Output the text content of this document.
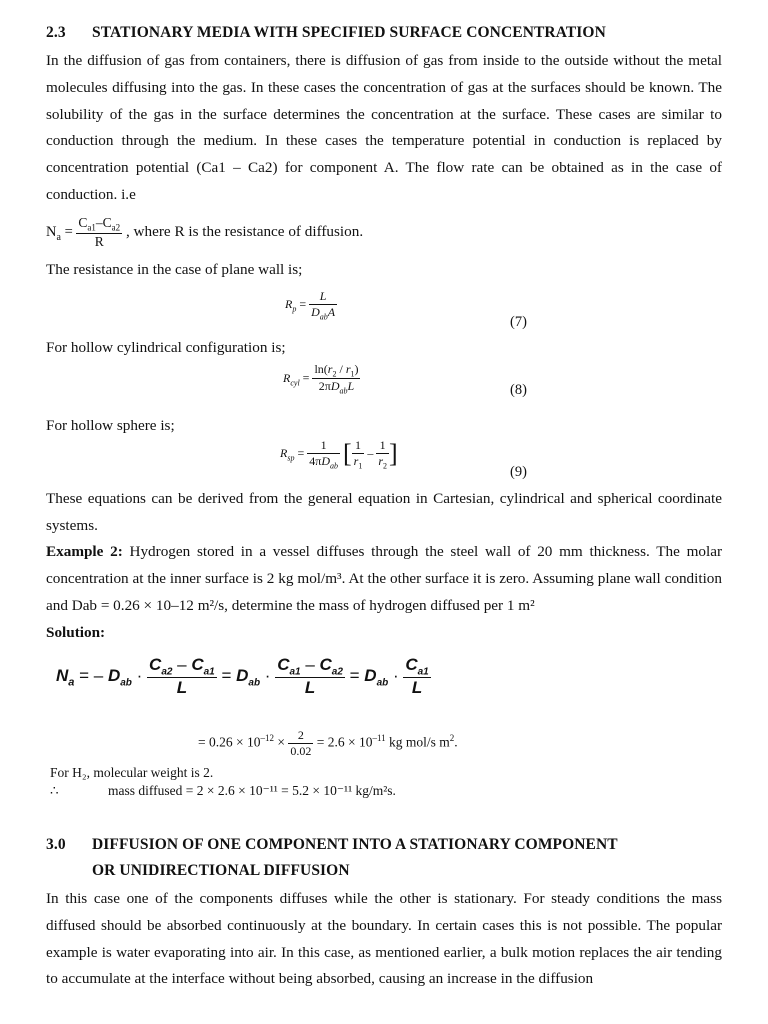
2.3 STATIONARY MEDIA WITH SPECIFIED SURFACE CONCENTRATION
In the diffusion of gas from containers, there is diffusion of gas from inside to the outside without the metal molecules diffusing into the gas. In these cases the concentration of gas at the surfaces should be known. The solubility of the gas in the surface determines the concentration at the surface. These cases are similar to conduction through the medium. In these cases the temperature potential in conduction is replaced by concentration potential (Ca1 – Ca2) for component A. The flow rate can be obtained as in the case of conduction. i.e
$N_a = \frac{C_{a1}-C_{a2}}{R}$ , where R is the resistance of diffusion.
The resistance in the case of plane wall is;
$R_p = \frac{L}{D_{ab}A}$
(7)
For hollow cylindrical configuration is;
$R_{cyl} = \frac{\ln(r_2 / r_1)}{2\pi D_{ab}L}$	(8)
For hollow sphere is;
$R_{sp} = \frac{1}{4\pi D_{ab}}$ [ $\frac{1}{r_1} - \frac{1}{r_2}$ ]
(9)
These equations can be derived from the general equation in Cartesian, cylindrical and spherical coordinate systems.
Example 2: Hydrogen stored in a vessel diffuses through the steel wall of 20 mm thickness. The molar concentration at the inner surface is 2 kg mol/m³. At the other surface it is zero. Assuming plane wall condition and Dab = 0.26 × 10–12 m²/s, determine the mass of hydrogen diffused per 1 m²
Solution:
$N_a$ = – $D_{ab} \cdot \frac{C_{a2} - C_{a1}}{L} = D_{ab} \cdot \frac{C_{a1} - C_{a2}}{L} = D_{ab} \cdot \frac{C_{a1}}{L}$
= $0.26 \times 10^{-12} \times \frac{2}{0.02} = 2.6 \times 10^{-11}$ kg mol/s $m^2$.
For H₂, molecular weight is 2.
∴	mass diffused = 2 × 2.6 × 10⁻¹¹ = 5.2 × 10⁻¹¹ kg/m²s.
3.0 DIFFUSION OF ONE COMPONENT INTO A STATIONARY COMPONENT
OR UNIDIRECTIONAL DIFFUSION
In this case one of the components diffuses while the other is stationary. For steady conditions the mass diffused should be absorbed continuously at the boundary. In certain cases this is not possible. The popular example is water evaporating into air. In this case, as mentioned earlier, a bulk motion replaces the air tending to accumulate at the interface without being absorbed, causing an increase in the diffusion
